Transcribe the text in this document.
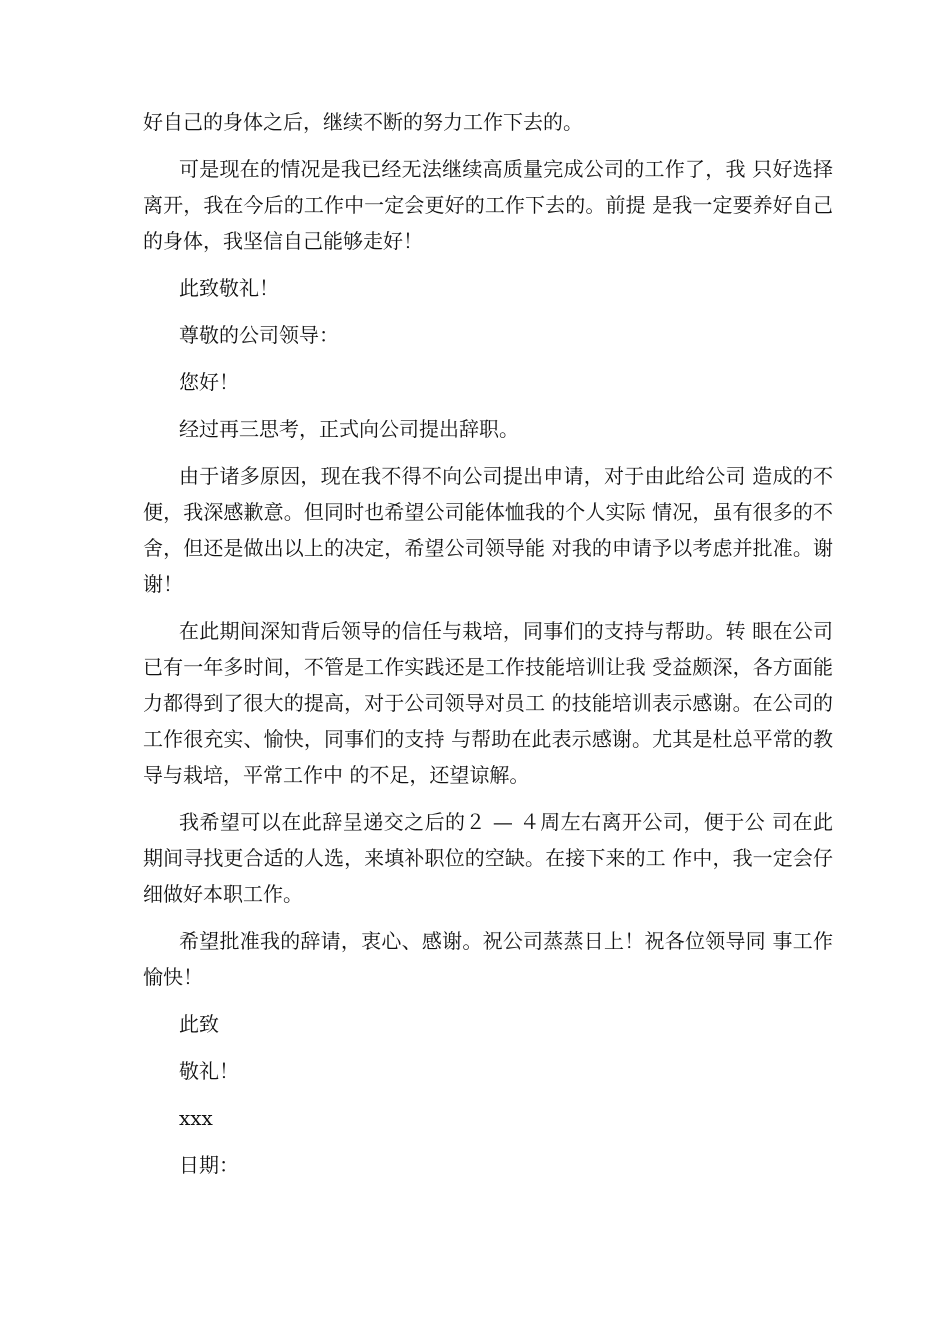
好自己的身体之后，继续不断的努力工作下去的。

可是现在的情况是我已经无法继续高质量完成公司的工作了，我 只好选择离开，我在今后的工作中一定会更好的工作下去的。前提 是我一定要养好自己的身体，我坚信自己能够走好！

此致敬礼！

尊敬的公司领导：

您好！

经过再三思考，正式向公司提出辞职。

由于诸多原因，现在我不得不向公司提出申请，对于由此给公司 造成的不便，我深感歉意。但同时也希望公司能体恤我的个人实际 情况，虽有很多的不舍，但还是做出以上的决定，希望公司领导能 对我的申请予以考虑并批准。谢谢！

在此期间深知背后领导的信任与栽培，同事们的支持与帮助。转 眼在公司已有一年多时间，不管是工作实践还是工作技能培训让我 受益颇深，各方面能力都得到了很大的提高，对于公司领导对员工 的技能培训表示感谢。在公司的工作很充实、愉快，同事们的支持 与帮助在此表示感谢。尤其是杜总平常的教导与栽培，平常工作中 的不足，还望谅解。

我希望可以在此辞呈递交之后的２ — ４周左右离开公司，便于公 司在此期间寻找更合适的人选，来填补职位的空缺。在接下来的工 作中，我一定会仔细做好本职工作。

希望批准我的辞请，衷心、感谢。祝公司蒸蒸日上！祝各位领导同 事工作愉快！

此致

敬礼！

xxx

日期：
